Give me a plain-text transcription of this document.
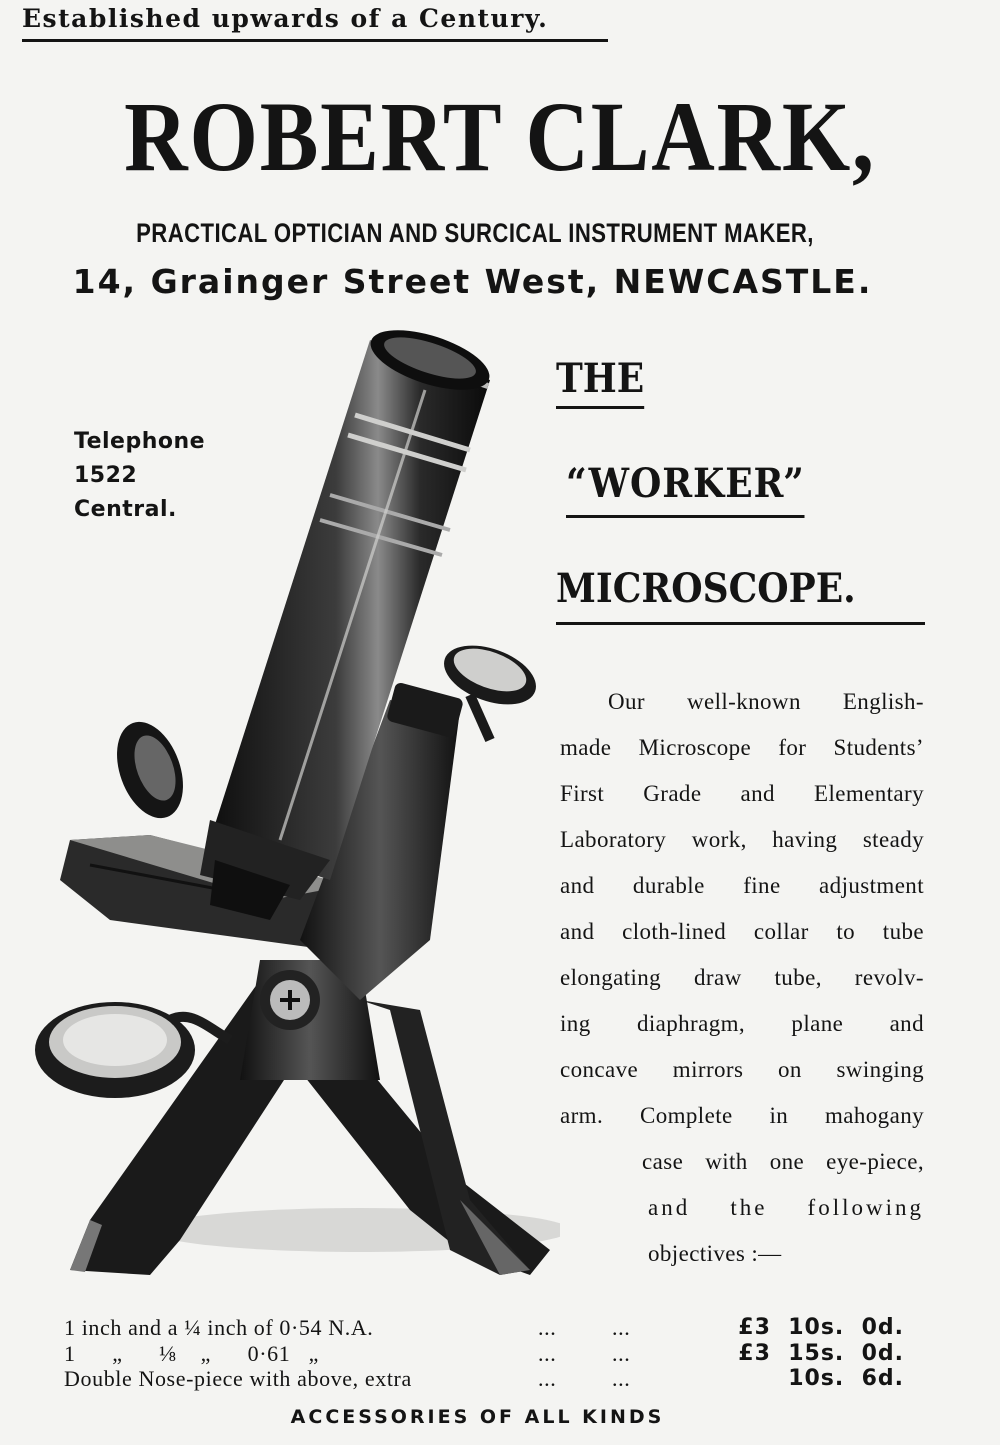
Established upwards of a Century.
ROBERT CLARK,
PRACTICAL OPTICIAN AND SURCICAL INSTRUMENT MAKER,
14, Grainger Street West, NEWCASTLE.
Telephone
1522
Central.
THE
“WORKER”
MICROSCOPE.
Our well-known English-
made Microscope for Students’
First Grade and Elementary
Laboratory work, having steady
and durable fine adjustment
and cloth-lined collar to tube
elongating draw tube, revolv-
ing diaphragm, plane and
concave mirrors on swinging
arm. Complete in mahogany
case with one eye-piece,
and the following
objectives :—
1 inch and a ¼ inch of 0·54 N.A.	...	...	£3  10s.  0d.
1      „      ⅛    „      0·61   „	...	...	£3  15s.  0d.
Double Nose-piece with above, extra	...	...	10s.  6d.
ACCESSORIES OF ALL KINDS
